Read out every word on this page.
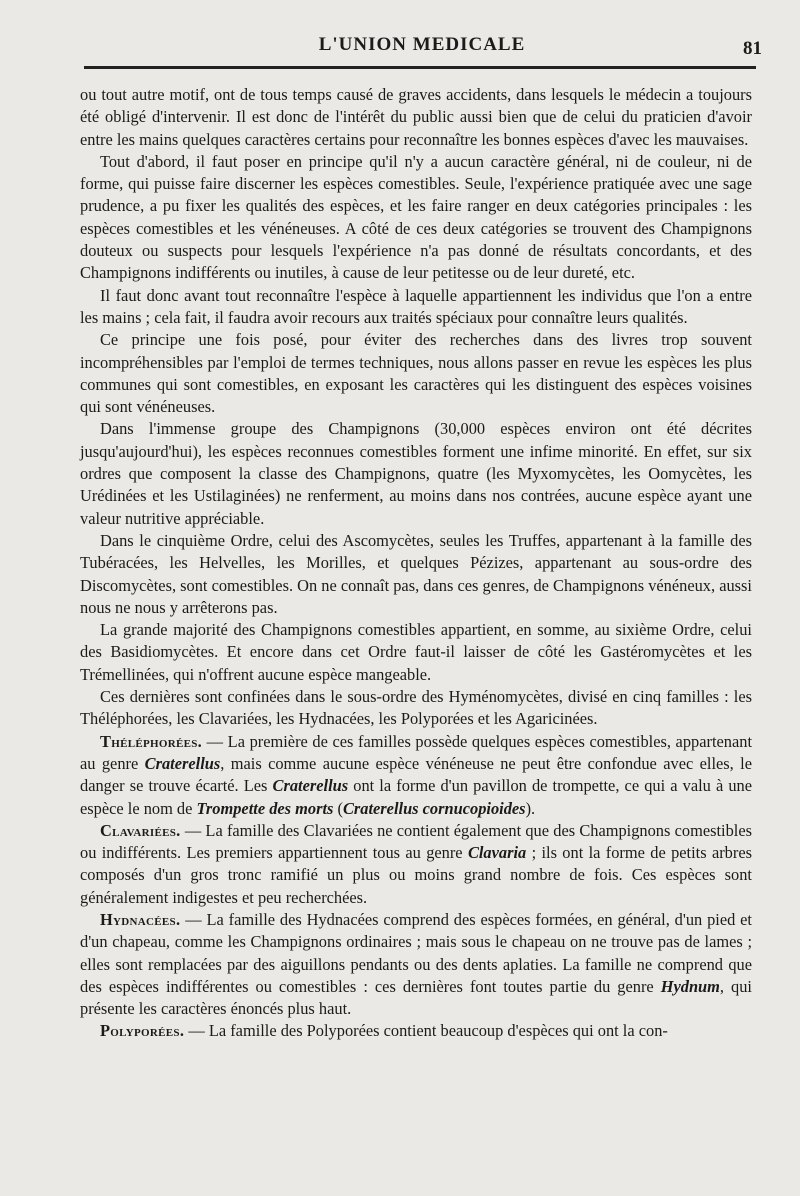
L'UNION MEDICALE	81

ou tout autre motif, ont de tous temps causé de graves accidents, dans lesquels le médecin a toujours été obligé d'intervenir. Il est donc de l'intérêt du public aussi bien que de celui du praticien d'avoir entre les mains quelques caractères certains pour reconnaître les bonnes espèces d'avec les mauvaises.

Tout d'abord, il faut poser en principe qu'il n'y a aucun caractère général, ni de couleur, ni de forme, qui puisse faire discerner les espèces comestibles. Seule, l'expérience pratiquée avec une sage prudence, a pu fixer les qualités des espèces, et les faire ranger en deux catégories principales : les espèces comestibles et les vénéneuses. A côté de ces deux catégories se trouvent des Champignons douteux ou suspects pour lesquels l'expérience n'a pas donné de résultats concordants, et des Champignons indifférents ou inutiles, à cause de leur petitesse ou de leur dureté, etc.

Il faut donc avant tout reconnaître l'espèce à laquelle appartiennent les individus que l'on a entre les mains ; cela fait, il faudra avoir recours aux traités spéciaux pour connaître leurs qualités.

Ce principe une fois posé, pour éviter des recherches dans des livres trop souvent incompréhensibles par l'emploi de termes techniques, nous allons passer en revue les espèces les plus communes qui sont comestibles, en exposant les caractères qui les distinguent des espèces voisines qui sont vénéneuses.

Dans l'immense groupe des Champignons (30,000 espèces environ ont été décrites jusqu'aujourd'hui), les espèces reconnues comestibles forment une infime minorité. En effet, sur six ordres que composent la classe des Champignons, quatre (les Myxomycètes, les Oomycètes, les Urédinées et les Ustilaginées) ne renferment, au moins dans nos contrées, aucune espèce ayant une valeur nutritive appréciable.

Dans le cinquième Ordre, celui des Ascomycètes, seules les Truffes, appartenant à la famille des Tubéracées, les Helvelles, les Morilles, et quelques Pézizes, appartenant au sous-ordre des Discomycètes, sont comestibles. On ne connaît pas, dans ces genres, de Champignons vénéneux, aussi nous ne nous y arrêterons pas.

La grande majorité des Champignons comestibles appartient, en somme, au sixième Ordre, celui des Basidiomycètes. Et encore dans cet Ordre faut-il laisser de côté les Gastéromycètes et les Trémellinées, qui n'offrent aucune espèce mangeable.

Ces dernières sont confinées dans le sous-ordre des Hyménomycètes, divisé en cinq familles : les Théléphorées, les Clavariées, les Hydnacées, les Polyporées et les Agaricinées.

Théléphorées. — La première de ces familles possède quelques espèces comestibles, appartenant au genre Craterellus, mais comme aucune espèce vénéneuse ne peut être confondue avec elles, le danger se trouve écarté. Les Craterellus ont la forme d'un pavillon de trompette, ce qui a valu à une espèce le nom de Trompette des morts (Craterellus cornucopioides).

Clavariées. — La famille des Clavariées ne contient également que des Champignons comestibles ou indifférents. Les premiers appartiennent tous au genre Clavaria ; ils ont la forme de petits arbres composés d'un gros tronc ramifié un plus ou moins grand nombre de fois. Ces espèces sont généralement indigestes et peu recherchées.

Hydnacées. — La famille des Hydnacées comprend des espèces formées, en général, d'un pied et d'un chapeau, comme les Champignons ordinaires ; mais sous le chapeau on ne trouve pas de lames ; elles sont remplacées par des aiguillons pendants ou des dents aplaties. La famille ne comprend que des espèces indifférentes ou comestibles : ces dernières font toutes partie du genre Hydnum, qui présente les caractères énoncés plus haut.

Polyporées. — La famille des Polyporées contient beaucoup d'espèces qui ont la con-
